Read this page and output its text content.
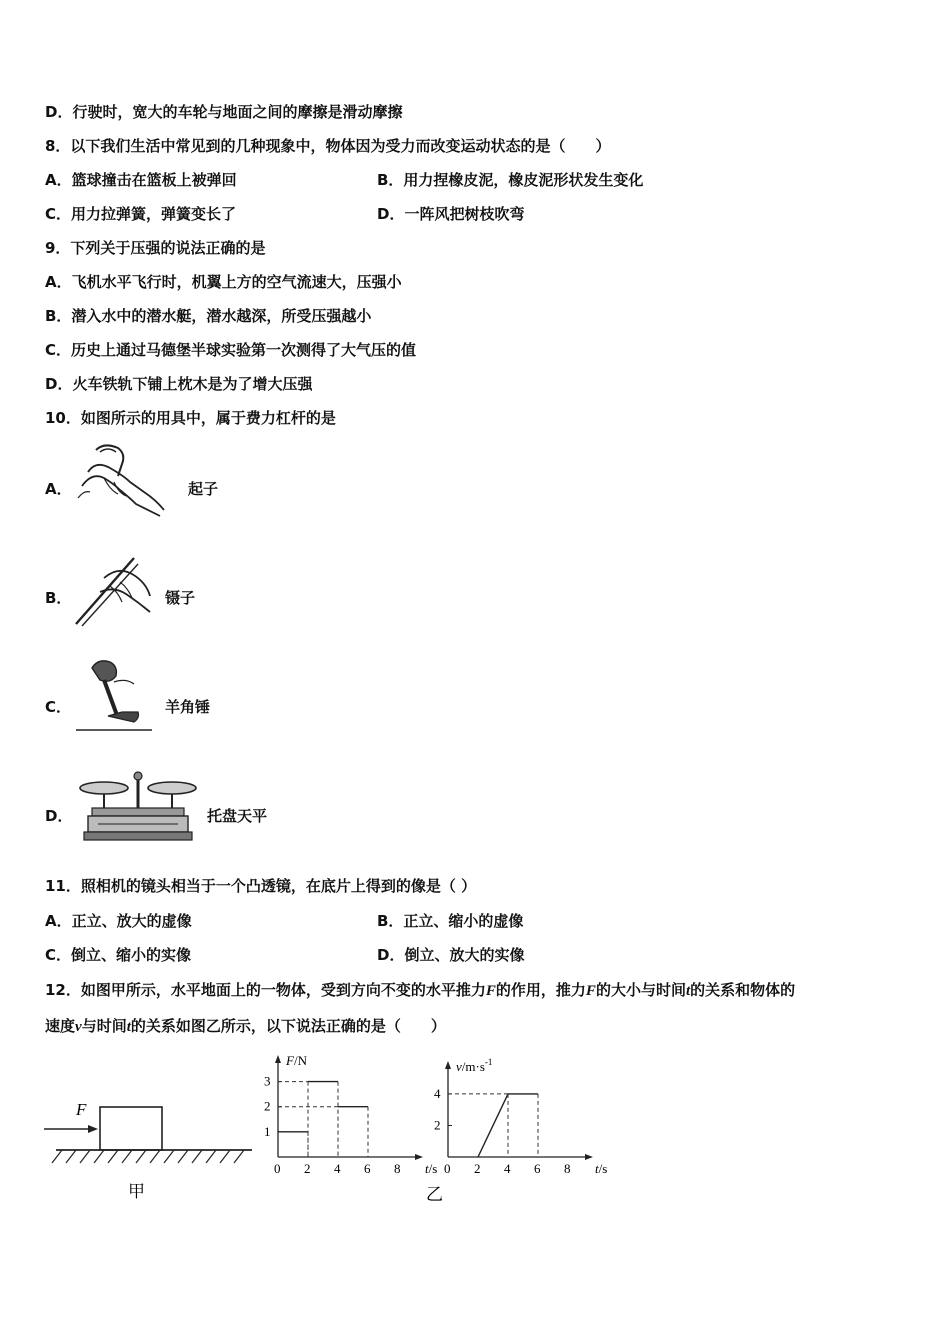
D．行驶时，宽大的车轮与地面之间的摩擦是滑动摩擦
8．以下我们生活中常见到的几种现象中，物体因为受力而改变运动状态的是（　　）
A．篮球撞击在篮板上被弹回	B．用力捏橡皮泥，橡皮泥形状发生变化
C．用力拉弹簧，弹簧变长了	D．一阵风把树枝吹弯
9．下列关于压强的说法正确的是
A．飞机水平飞行时，机翼上方的空气流速大，压强小
B．潜入水中的潜水艇，潜水越深，所受压强越小
C．历史上通过马德堡半球实验第一次测得了大气压的值
D．火车铁轨下铺上枕木是为了增大压强
10．如图所示的用具中，属于费力杠杆的是
A．	起子
B．	镊子
C．	羊角锤
D．	托盘天平
11．照相机的镜头相当于一个凸透镜，在底片上得到的像是（ ）
A．正立、放大的虚像	B．正立、缩小的虚像
C．倒立、缩小的实像	D．倒立、放大的实像
12．如图甲所示，水平地面上的一物体，受到方向不变的水平推力F的作用，推力F的大小与时间t的关系和物体的
速度v与时间t的关系如图乙所示，以下说法正确的是（　　）
F
甲
0 2 4 6 8
1
2
3
t/s
F/N
乙
0 2 4 6 8
2
4
t/s
$v/m\cdot s^{-1}$
